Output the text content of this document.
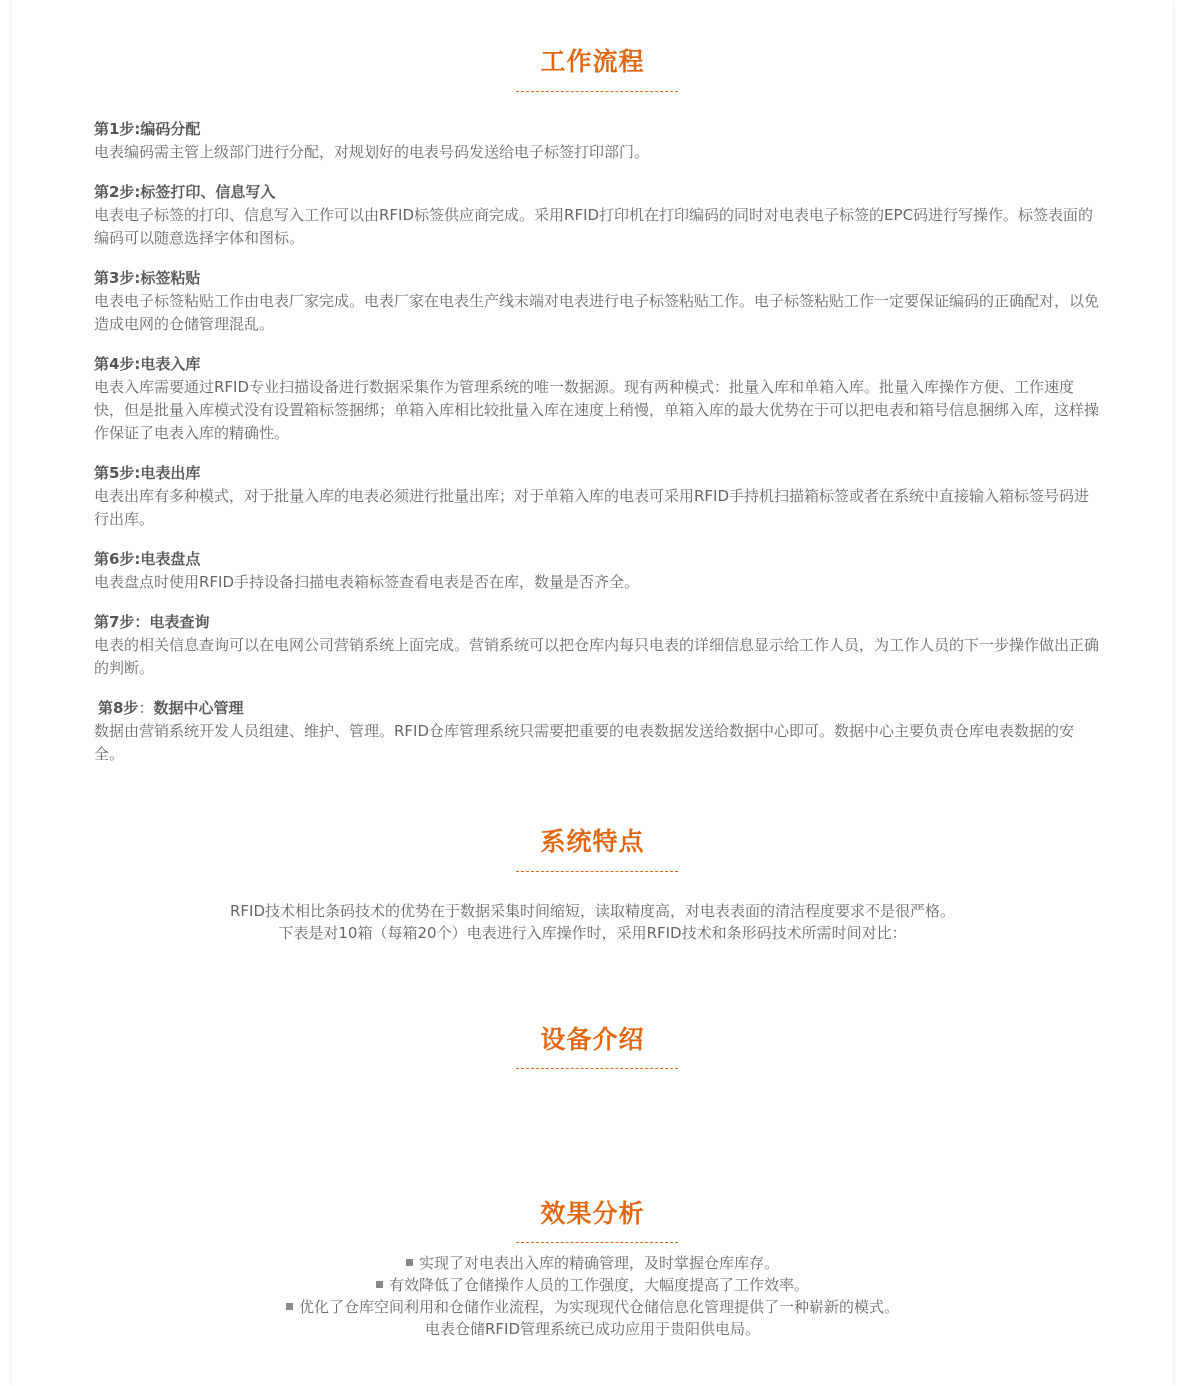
工作流程

第1步:编码分配

电表编码需主管上级部门进行分配，对规划好的电表号码发送给电子标签打印部门。

第2步:标签打印、信息写入

电表电子标签的打印、信息写入工作可以由RFID标签供应商完成。采用RFID打印机在打印编码的同时对电表电子标签的EPC码进行写操作。标签表面的编码可以随意选择字体和图标。

第3步:标签粘贴

电表电子标签粘贴工作由电表厂家完成。电表厂家在电表生产线末端对电表进行电子标签粘贴工作。电子标签粘贴工作一定要保证编码的正确配对，以免造成电网的仓储管理混乱。

第4步:电表入库

电表入库需要通过RFID专业扫描设备进行数据采集作为管理系统的唯一数据源。现有两种模式：批量入库和单箱入库。批量入库操作方便、工作速度快，但是批量入库模式没有设置箱标签捆绑；单箱入库相比较批量入库在速度上稍慢，单箱入库的最大优势在于可以把电表和箱号信息捆绑入库，这样操作保证了电表入库的精确性。

第5步:电表出库

电表出库有多种模式，对于批量入库的电表必须进行批量出库；对于单箱入库的电表可采用RFID手持机扫描箱标签或者在系统中直接输入箱标签号码进行出库。

第6步:电表盘点

电表盘点时使用RFID手持设备扫描电表箱标签查看电表是否在库，数量是否齐全。

第7步：电表查询

电表的相关信息查询可以在电网公司营销系统上面完成。营销系统可以把仓库内每只电表的详细信息显示给工作人员，为工作人员的下一步操作做出正确的判断。

第8步：数据中心管理

数据由营销系统开发人员组建、维护、管理。RFID仓库管理系统只需要把重要的电表数据发送给数据中心即可。数据中心主要负责仓库电表数据的安全。

系统特点

RFID技术相比条码技术的优势在于数据采集时间缩短，读取精度高，对电表表面的清洁程度要求不是很严格。

下表是对10箱（每箱20个）电表进行入库操作时，采用RFID技术和条形码技术所需时间对比：

设备介绍
效果分析

实现了对电表出入库的精确管理，及时掌握仓库库存。

有效降低了仓储操作人员的工作强度，大幅度提高了工作效率。

优化了仓库空间利用和仓储作业流程，为实现现代仓储信息化管理提供了一种崭新的模式。

电表仓储RFID管理系统已成功应用于贵阳供电局。
